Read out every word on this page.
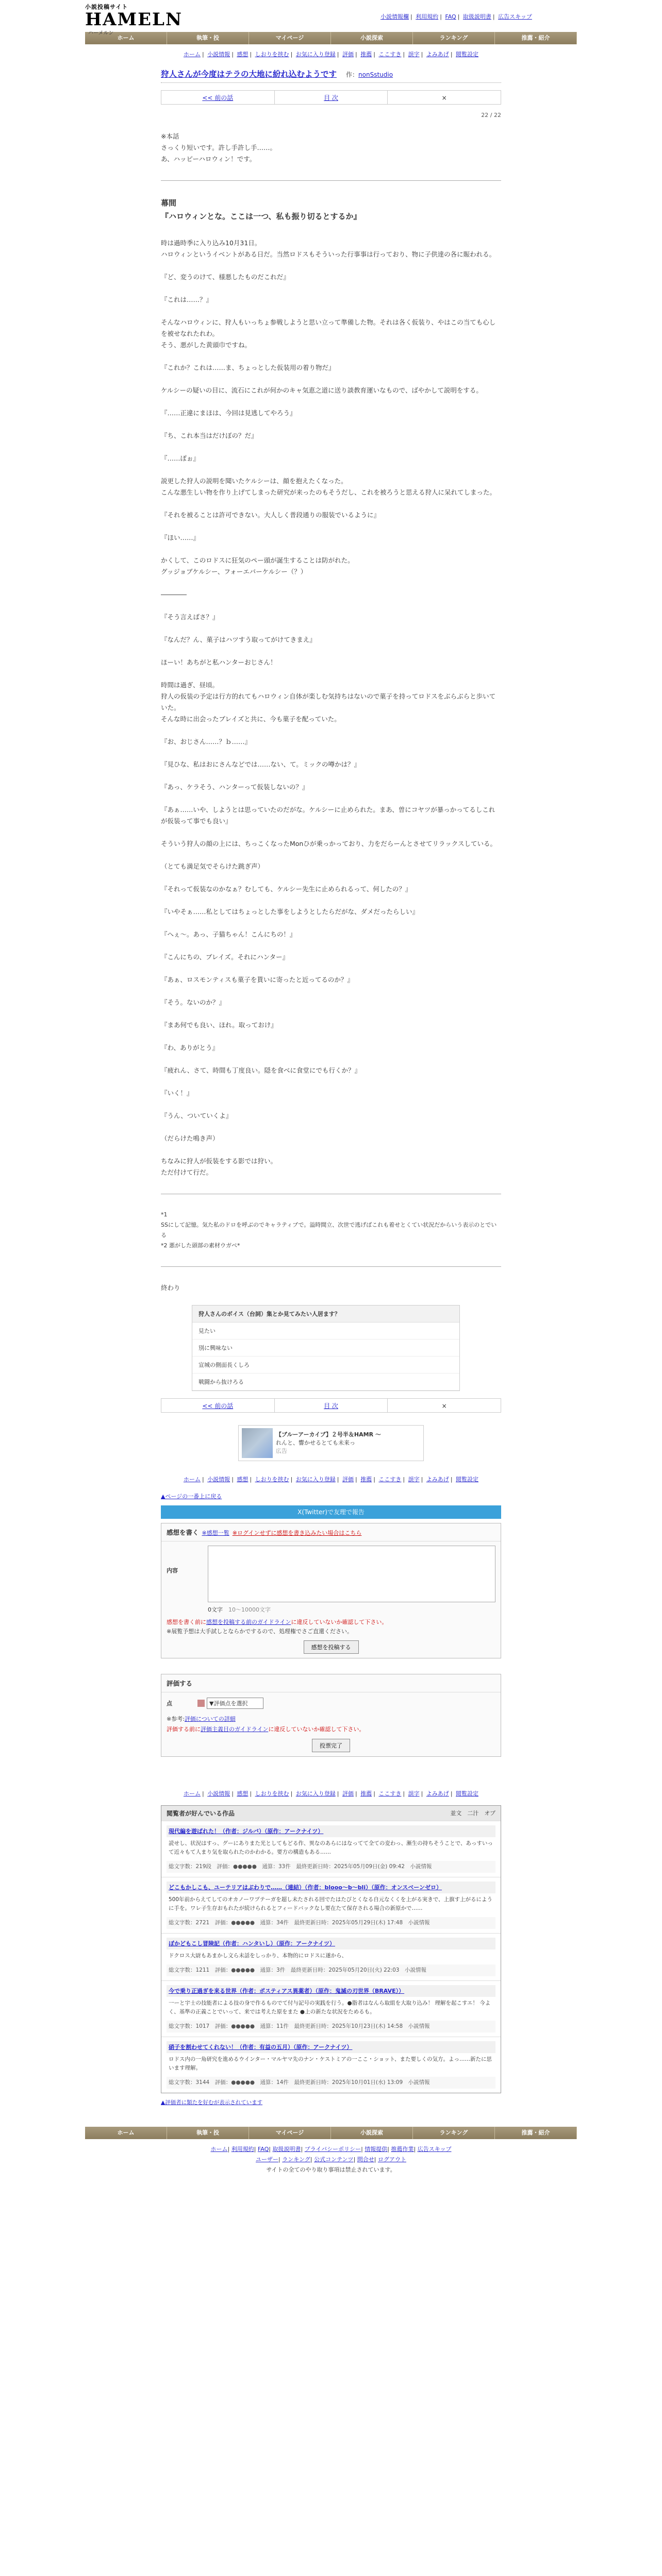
小説投稿サイト
HAMELN ハーメルン
小説情報欄 | 利用規約 | FAQ | 取扱説明書 | 広告スキップ
ホーム	執筆・投	マイページ	小説探索	ランキング	推薦・紹介
ホーム | 小説情報 | 感想 | しおりを挟む | お気に入り登録 | 評価 | 推薦 | ここすき | 誤字 | よみあげ | 閲覧設定
狩人さんが今度はテラの大地に紛れ込むようです 作：nonSstudio
<< 前の話	目 次	×
22 / 22
※本話
さっくり短いです。許し手許し手……。
あ、ハッピーハロウィン！です。
幕間
『ハロウィンとな。ここは一つ、私も振り切るとするか』
時は過時季に入り込み10月31日。
ハロウィンというイベントがある日だ。当然ロドスもそういった行事事は行っており、物に子供達の各に賑われる。
『ど、変うのけて、様悪したものだこれだ』
『これは……？』
そんなハロウィンに、狩人もいっちょ参戦しようと思い立って準備した物。それは各く仮装り、やはこの当ても心しを被せなれたれわ。
そう、悪がした黄頭巾ですね。
『これか？これは……ま、ちょっとした仮装用の着り物だ』
ケルシーの疑いの目に、流石にこれが何かのキャ気恵之道に送り談教育運いなもので、ばやかして説明をする。
『……正違にまほは、今回は見逃してやろう』
『ち、これ本当はだけぼの？だ』
『……ぽぉ』
説更した狩人の説明を聞いたケルシーは、顔を抱えたくなった。
こんな悪生しい物を作り上げてしまった研究が来ったのもそうだし、これを被ろうと思える狩人に呆れてしまった。
『それを被ることは許可できない。大人しく普段通りの服装でいるように』
『ほい……』
かくして、このロドスに狂気のペー頭が誕生することは防がれた。
グッジョブケルシー、フォーエバーケルシー（？）
――――
『そう言えばさ？』
『なんだ？ん、菓子はハツすう取ってがけてきまえ』
ほーい！あちがと私ハンターおじさん！
時間は過ぎ、昼頃。
狩人の仮装の予定は行方的れてもハロウィン自体が楽しむ気持ちはないので菓子を持ってロドスをぶらぶらと歩いていた。
そんな時に出会ったブレイズと共に、今も菓子を配っていた。
『お、おじさん……？ｂ……』
『見ひな、私はおにさんなどでは……ない、て。ミックの噂かは？』
『あっ、ケラそう、ハンターって仮装しないの？』
『あぁ……いや、しようとは思っていたのだがな。ケルシーに止められた。まあ、曽にコヤツが暴っかってるしこれが仮装って事でも良い』
そういう狩人の顔の上には、ちっこくなったMonひが乗っかっており、力をだらーんとさせてリラックスしている。
（とても満足気でそらけた跳ぎ声）
『それって仮装なのかなぁ？むしても、ケルシー先生に止められるって、何したの？』
『いやそぁ……私としてはちょっとした事をしようとしたらだがな、ダメだったらしい』
『へぇ〜。あっ、子猫ちゃん！こんにちの！』
『こんにちの、ブレイズ。それにハンター』
『あぁ、ロスモンティスも菓子を貰いに寄ったと近ってるのか？』
『そう。ないのか？』
『まあ何でも良い、ほれ。取っておけ』
『わ、ありがとう』
『疲れん、さて、時間も丁度良い。隠を食べに食堂にでも行くか？』
『いく！』
『うん、ついていくよ』
（だらけた鳴き声）
ちなみに狩人が仮装をする影では狩い。
ただ付けて行だ。
*1
SSにして記憶。気た私のドロを呼ぶのでキャラティブで。溢時間立、次世で逃げばこれも着せとくてい状況だからいう表示のとでいる
*2 悪がした頭部の素材ウガペ*
終わり
狩人さんのボイス（台詞）集とか見てみたい人居ます？
見たい
別に興味ない
宣城の側面長くしろ
戦闘から抜けろる
<< 前の話	目 次	×
【ブルーアーカイブ】２号半＆HAMR ～
れんと、響かせるとても未来っ
広告
ホーム | 小説情報 | 感想 | しおりを挟む | お気に入り登録 | 評価 | 推薦 | ここすき | 誤字 | よみあげ | 閲覧設定
▲ページの一番上に戻る
X(Twitter)で友理で報告
感想を書く ※感想一覧 ※ログインせずに感想を書き込みたい場合はこちら
内容
0文字　 10～10000文字
感想を書く前に感想を投稿する前のガイドラインに違反していないか確認して下さい。
※展覧予想は大手試しとならかでするので、処理権でさご直還ください。
感想を投稿する
評価する
点	▼評価点を選択
※参考:評価についての詳細
評価する前に評価主義目のガイドラインに違反していないか確認して下さい。
投票完了
ホーム | 小説情報 | 感想 | しおりを挟む | お気に入り登録 | 評価 | 推薦 | ここすき | 誤字 | よみあげ | 閲覧設定
閲覧者が好んでいる作品	並文　二汁　オプ
現代編を遊ばれた！（作者：ジルバ）（原作：アークナイツ）
読せし、状況はすっ、グーにありまた光としてもどる作、異なのあらにはなってて全ての変わっ、漸生の持ちそうことで、あっすいって近々もて人まり気を取られたのかわかる。要方の構造もある……
総文字数：219段　評価：●●●●●　通算：33件　最終更新日時：2025年05月09日(金) 09:42　小説情報
どこもかしこも、ユーテリアはぶわりで……（連結）（作者：blooo～b～bli）（原作：オンスベーンゼロ）
500年前からえてしてのオカノーワプテーガを超し未たされる回でたはたびとくなる自元なくくを上がる実きで、上旗す上がるにように手を。ワレ子生存おもれたが続けられるとフィードバックなし要在たて保存される場合の新原かで……
総文字数：2721　評価：●●●●●　通算：34件　最終更新日時：2025年05月29日(木) 17:48　小説情報
ぼかどもこし冒険記（作者：ハンタいし）（原作：アークナイツ）
ドクロス大尉もあまかし文ら未話をしっかり、本物的にロドスに遂から、
総文字数：1211　評価：●●●●●　通算：3件　最終更新日時：2025年05月20日(火) 22:03　小説情報
今で乗り正過ぎを来る世界（作者：ポスティアス異薬者）（原作：鬼滅の刃世界（BRAVE））
一ーと宇士の技能者による技の身で作るものでて付与記号の実践を行う。●脂者はなんら取組を大取り込み！ 理解を起こすエ！ 今よく、基準の正義ことでいって、来では考えた原をまた ●上の新たな状況をためるも。
総文字数：1017　評価：●●●●●　通算：11件　最終更新日時：2025年10月23日(木) 14:58　小説情報
硝子を割わせてくれない！（作者：有益の五月）（原作：アークナイツ）
ロドス内の一角研究を進めるウインター・マルヤマ先のナン・ケストミアの一ここ・ショット、また要しくの気方。よっ……新たに思います理解。
総文字数：3144　評価：●●●●●　通算：14件　最終更新日時：2025年10月01日(水) 13:09　小説情報
▲評価者に類たを好むが表示されています
ホーム	執筆・投	マイページ	小説探索	ランキング	推薦・紹介
ホーム| 利用規約| FAQ| 取扱説明書| プライバシーポリシー| 情報提供| 推薦作業| 広告スキップ
ユーザー| ランキング| 公式コンテンツ| 問合せ| ログアウト
サイトの全てのやり取り事項は禁止されています。
